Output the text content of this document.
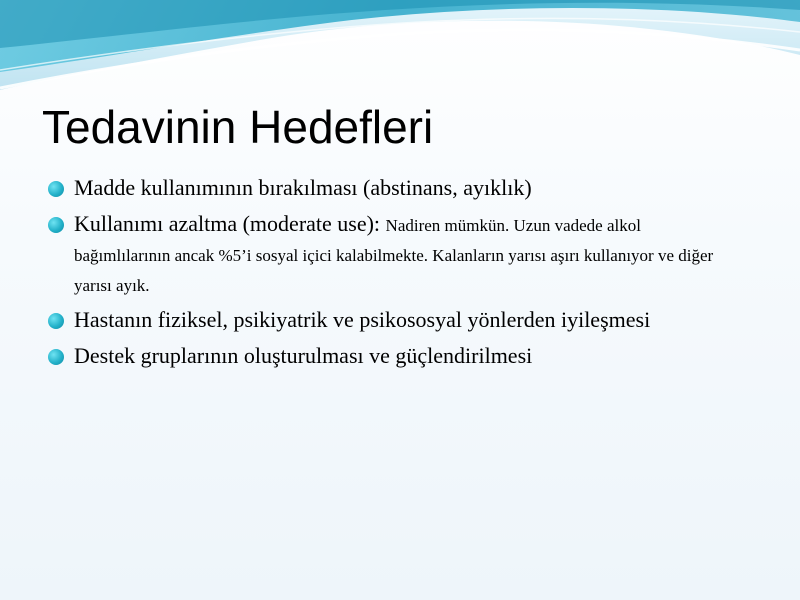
Tedavinin Hedefleri
Madde kullanımının bırakılması (abstinans, ayıklık)
Kullanımı azaltma (moderate use): Nadiren mümkün. Uzun vadede alkol bağımlılarının ancak %5’i sosyal içici kalabilmekte. Kalanların yarısı aşırı kullanıyor ve diğer yarısı ayık.
Hastanın fiziksel, psikiyatrik ve psikososyal yönlerden iyileşmesi
Destek gruplarının oluşturulması ve güçlendirilmesi
